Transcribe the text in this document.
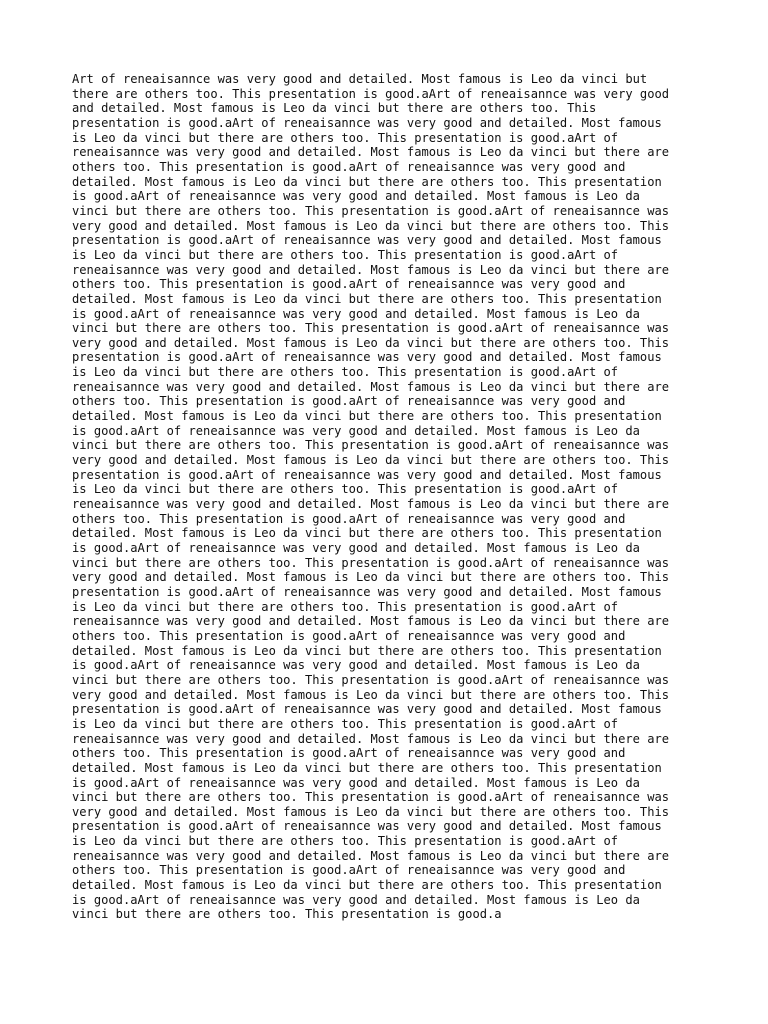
Art of reneaisannce was very good and detailed. Most famous is Leo da vinci but
there are others too. This presentation is good.aArt of reneaisannce was very good
and detailed. Most famous is Leo da vinci but there are others too. This
presentation is good.aArt of reneaisannce was very good and detailed. Most famous
is Leo da vinci but there are others too. This presentation is good.aArt of
reneaisannce was very good and detailed. Most famous is Leo da vinci but there are
others too. This presentation is good.aArt of reneaisannce was very good and
detailed. Most famous is Leo da vinci but there are others too. This presentation
is good.aArt of reneaisannce was very good and detailed. Most famous is Leo da
vinci but there are others too. This presentation is good.aArt of reneaisannce was
very good and detailed. Most famous is Leo da vinci but there are others too. This
presentation is good.aArt of reneaisannce was very good and detailed. Most famous
is Leo da vinci but there are others too. This presentation is good.aArt of
reneaisannce was very good and detailed. Most famous is Leo da vinci but there are
others too. This presentation is good.aArt of reneaisannce was very good and
detailed. Most famous is Leo da vinci but there are others too. This presentation
is good.aArt of reneaisannce was very good and detailed. Most famous is Leo da
vinci but there are others too. This presentation is good.aArt of reneaisannce was
very good and detailed. Most famous is Leo da vinci but there are others too. This
presentation is good.aArt of reneaisannce was very good and detailed. Most famous
is Leo da vinci but there are others too. This presentation is good.aArt of
reneaisannce was very good and detailed. Most famous is Leo da vinci but there are
others too. This presentation is good.aArt of reneaisannce was very good and
detailed. Most famous is Leo da vinci but there are others too. This presentation
is good.aArt of reneaisannce was very good and detailed. Most famous is Leo da
vinci but there are others too. This presentation is good.aArt of reneaisannce was
very good and detailed. Most famous is Leo da vinci but there are others too. This
presentation is good.aArt of reneaisannce was very good and detailed. Most famous
is Leo da vinci but there are others too. This presentation is good.aArt of
reneaisannce was very good and detailed. Most famous is Leo da vinci but there are
others too. This presentation is good.aArt of reneaisannce was very good and
detailed. Most famous is Leo da vinci but there are others too. This presentation
is good.aArt of reneaisannce was very good and detailed. Most famous is Leo da
vinci but there are others too. This presentation is good.aArt of reneaisannce was
very good and detailed. Most famous is Leo da vinci but there are others too. This
presentation is good.aArt of reneaisannce was very good and detailed. Most famous
is Leo da vinci but there are others too. This presentation is good.aArt of
reneaisannce was very good and detailed. Most famous is Leo da vinci but there are
others too. This presentation is good.aArt of reneaisannce was very good and
detailed. Most famous is Leo da vinci but there are others too. This presentation
is good.aArt of reneaisannce was very good and detailed. Most famous is Leo da
vinci but there are others too. This presentation is good.aArt of reneaisannce was
very good and detailed. Most famous is Leo da vinci but there are others too. This
presentation is good.aArt of reneaisannce was very good and detailed. Most famous
is Leo da vinci but there are others too. This presentation is good.aArt of
reneaisannce was very good and detailed. Most famous is Leo da vinci but there are
others too. This presentation is good.aArt of reneaisannce was very good and
detailed. Most famous is Leo da vinci but there are others too. This presentation
is good.aArt of reneaisannce was very good and detailed. Most famous is Leo da
vinci but there are others too. This presentation is good.aArt of reneaisannce was
very good and detailed. Most famous is Leo da vinci but there are others too. This
presentation is good.aArt of reneaisannce was very good and detailed. Most famous
is Leo da vinci but there are others too. This presentation is good.aArt of
reneaisannce was very good and detailed. Most famous is Leo da vinci but there are
others too. This presentation is good.aArt of reneaisannce was very good and
detailed. Most famous is Leo da vinci but there are others too. This presentation
is good.aArt of reneaisannce was very good and detailed. Most famous is Leo da
vinci but there are others too. This presentation is good.a
